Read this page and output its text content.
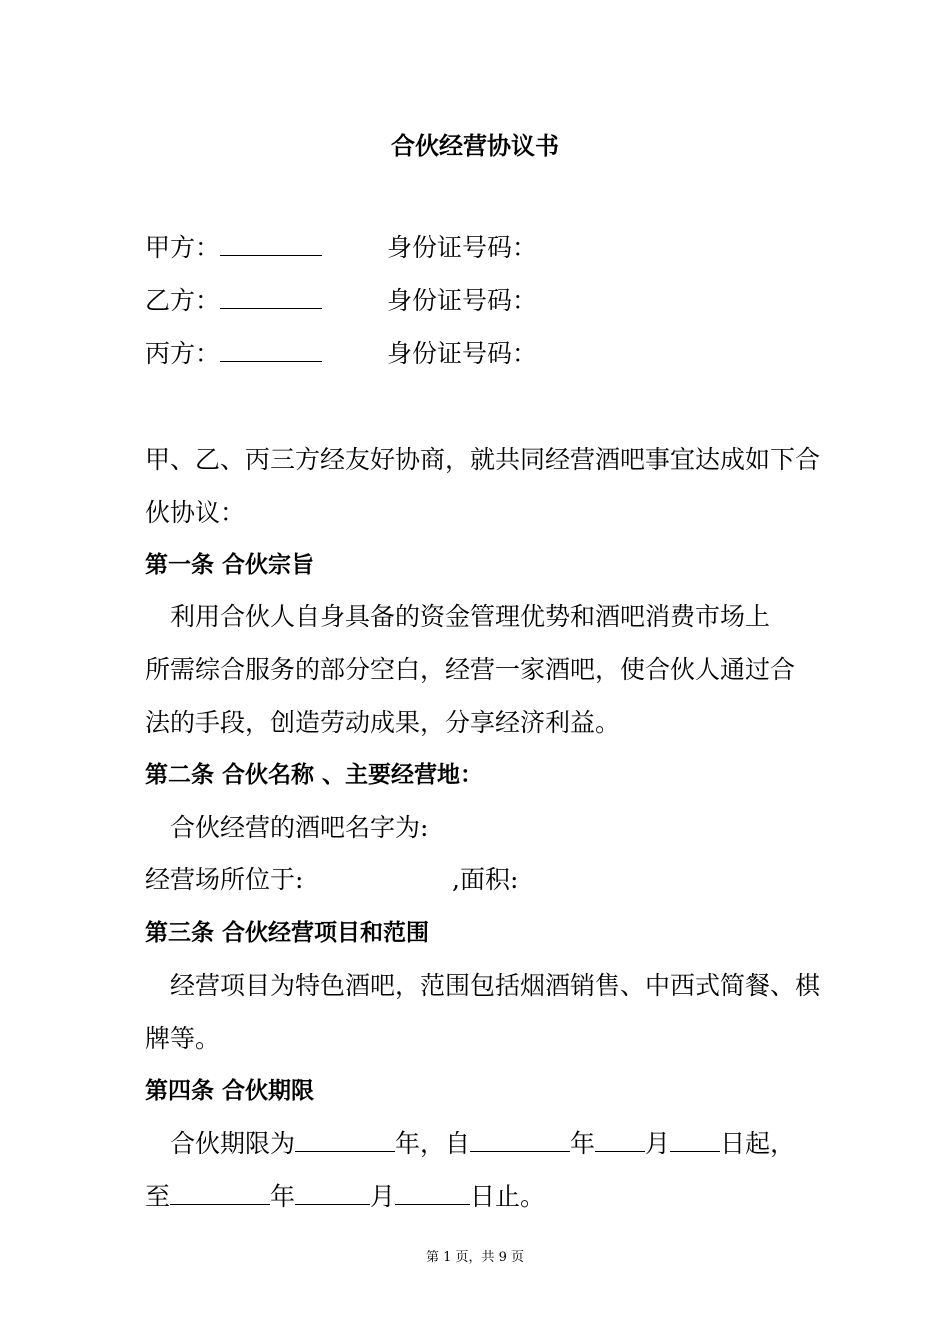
合伙经营协议书
甲方：	身份证号码：
乙方：	身份证号码：
丙方：	身份证号码：
甲、乙、丙三方经友好协商，就共同经营酒吧事宜达成如下合
伙协议：
第一条 合伙宗旨
利用合伙人自身具备的资金管理优势和酒吧消费市场上
所需综合服务的部分空白，经营一家酒吧，使合伙人通过合
法的手段，创造劳动成果，分享经济利益。
第二条 合伙名称 、主要经营地：
合伙经营的酒吧名字为:
经营场所位于:	,面积:
第三条 合伙经营项目和范围
经营项目为特色酒吧，范围包括烟酒销售、中西式简餐、棋
牌等。
第四条 合伙期限
合伙期限为	年，自	年 月 日起，
至	年	月	日止。
第 1 页，共 9 页
